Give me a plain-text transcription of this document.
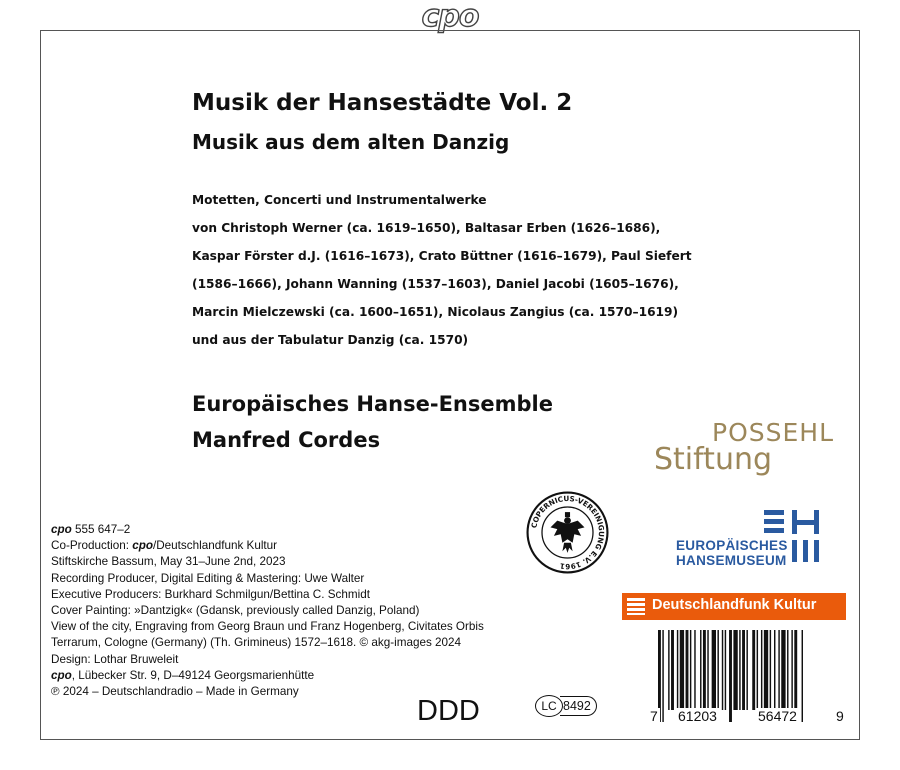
cpo
Musik der Hansestädte Vol. 2
Musik aus dem alten Danzig
Motetten, Concerti und Instrumentalwerke
von Christoph Werner (ca. 1619–1650), Baltasar Erben (1626–1686),
Kaspar Förster d.J. (1616–1673), Crato Büttner (1616–1679), Paul Siefert
(1586–1666), Johann Wanning (1537–1603), Daniel Jacobi (1605–1676),
Marcin Mielczewski (ca. 1600–1651), Nicolaus Zangius (ca. 1570–1619)
und aus der Tabulatur Danzig (ca. 1570)
Europäisches Hanse-Ensemble
Manfred Cordes	POSSEHL
Stiftung
cpo 555 647–2
Co-Production: cpo/Deutschlandfunk Kultur
Stiftskirche Bassum, May 31–June 2nd, 2023
Recording Producer, Digital Editing & Mastering: Uwe Walter
Executive Producers: Burkhard Schmilgun/Bettina C. Schmidt
Cover Painting: »Dantzigk« (Gdansk, previously called Danzig, Poland)
View of the city, Engraving from Georg Braun und Franz Hogenberg, Civitates Orbis
Terrarum, Cologne (Germany) (Th. Grimineus) 1572–1618. © akg-images 2024
Design: Lothar Bruweleit
cpo, Lübecker Str. 9, D–49124 Georgsmarienhütte
℗ 2024 – Deutschlandradio – Made in Germany
COPERNICUS-VEREINIGUNG E.V. 1961
EUROPÄISCHES
HANSEMUSEUM
Deutschlandfunk Kultur
DDD	LC 8492
7 61203	56472	9
